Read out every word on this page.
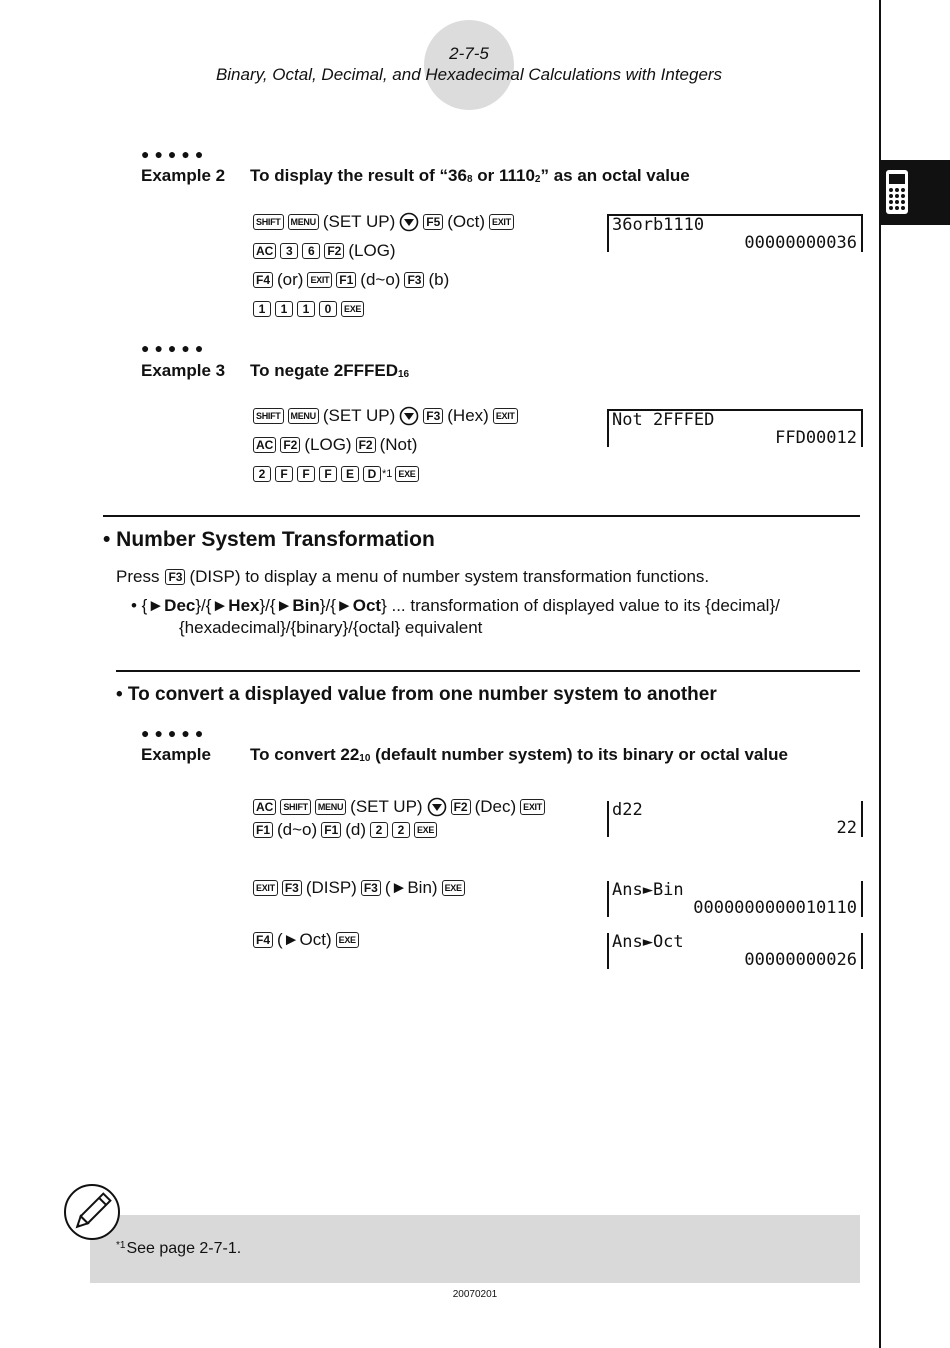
2-7-5
Binary, Octal, Decimal, and Hexadecimal Calculations with Integers
●●●●●
Example 2 To display the result of “$36_8$ or $1110_2$” as an octal value
SHIFT	MENU (SET UP)	F5 (Oct) EXIT
AC	3	6	F2 (LOG)
F4 (or) EXIT F1 (d~o) F3 (b)
1	1	1	0	EXE
36orb1110
00000000036
●●●●●
Example 3 To negate $2FFFED_{16}$
SHIFT	MENU (SET UP)	F3 (Hex) EXIT
AC F2 (LOG) F2 (Not)
2	F	F	F	E	D *1 EXE
Not 2FFFED
FFD00012
• Number System Transformation
Press F3 (DISP) to display a menu of number system transformation functions.
• {►Dec}/{►Hex}/{►Bin}/{►Oct} ... transformation of displayed value to its {decimal}/
{hexadecimal}/{binary}/{octal} equivalent
• To convert a displayed value from one number system to another
●●●●●
Example To convert $22_{10}$ (default number system) to its binary or octal value
AC	SHIFT	MENU (SET UP)	F2 (Dec) EXIT
F1 (d~o) F1 (d) 2	2	EXE
d22
22
EXIT F3 (DISP) F3 (►Bin) EXE	Ans►Bin
0000000000010110
F4 (►Oct) EXE	Ans►Oct
00000000026
$^{*1}$See page 2-7-1.
20070201
